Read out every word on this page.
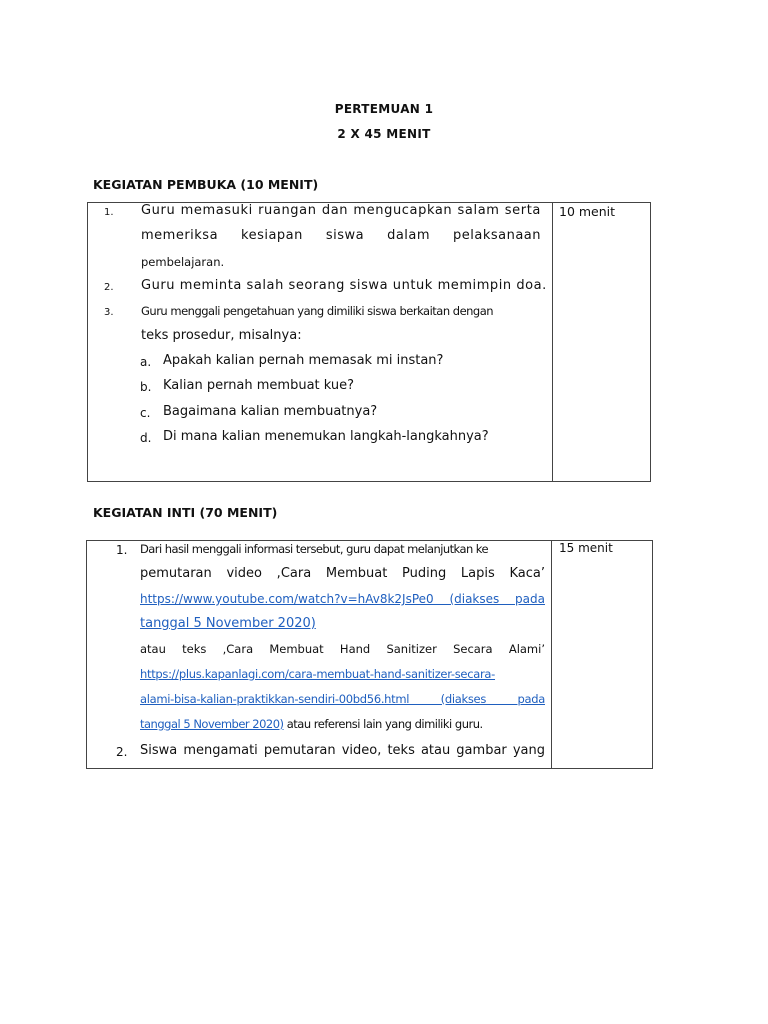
PERTEMUAN 1
2 X 45 MENIT
KEGIATAN PEMBUKA (10 MENIT)
10 menit
1. Guru memasuki ruangan dan mengucapkan salam serta
memeriksa kesiapan siswa dalam pelaksanaan
pembelajaran.
2. Guru meminta salah seorang siswa untuk memimpin doa.
3. Guru menggali pengetahuan yang dimiliki siswa berkaitan dengan
teks prosedur, misalnya:
a. Apakah kalian pernah memasak mi instan?
b. Kalian pernah membuat kue?
c. Bagaimana kalian membuatnya?
d. Di mana kalian menemukan langkah-langkahnya?
KEGIATAN INTI (70 MENIT)
15 menit
1. Dari hasil menggali informasi tersebut, guru dapat melanjutkan ke
pemutaran video ,Cara Membuat Puding Lapis Kaca’
https://www.youtube.com/watch?v=hAv8k2JsPe0 (diakses pada
tanggal 5 November 2020)
atau teks ,Cara Membuat Hand Sanitizer Secara Alami’
https://plus.kapanlagi.com/cara-membuat-hand-sanitizer-secara-
alami-bisa-kalian-praktikkan-sendiri-00bd56.html (diakses pada
tanggal 5 November 2020) atau referensi lain yang dimiliki guru.
2. Siswa mengamati pemutaran video, teks atau gambar yang
